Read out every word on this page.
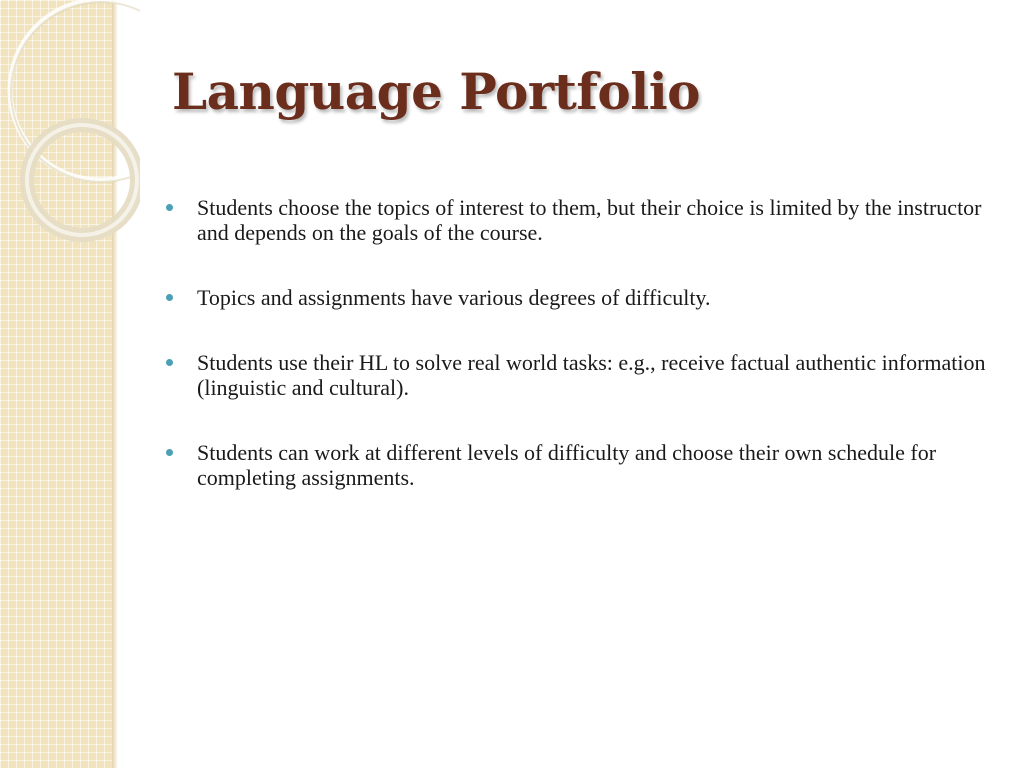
Language Portfolio
Students choose the topics of interest to them, but their choice is limited by the instructor and depends on the goals of the course.
Topics and assignments have various degrees of difficulty.
Students use their HL to solve real world tasks: e.g., receive factual authentic information (linguistic and cultural).
Students can work at different levels of difficulty and choose their own schedule for completing assignments.
